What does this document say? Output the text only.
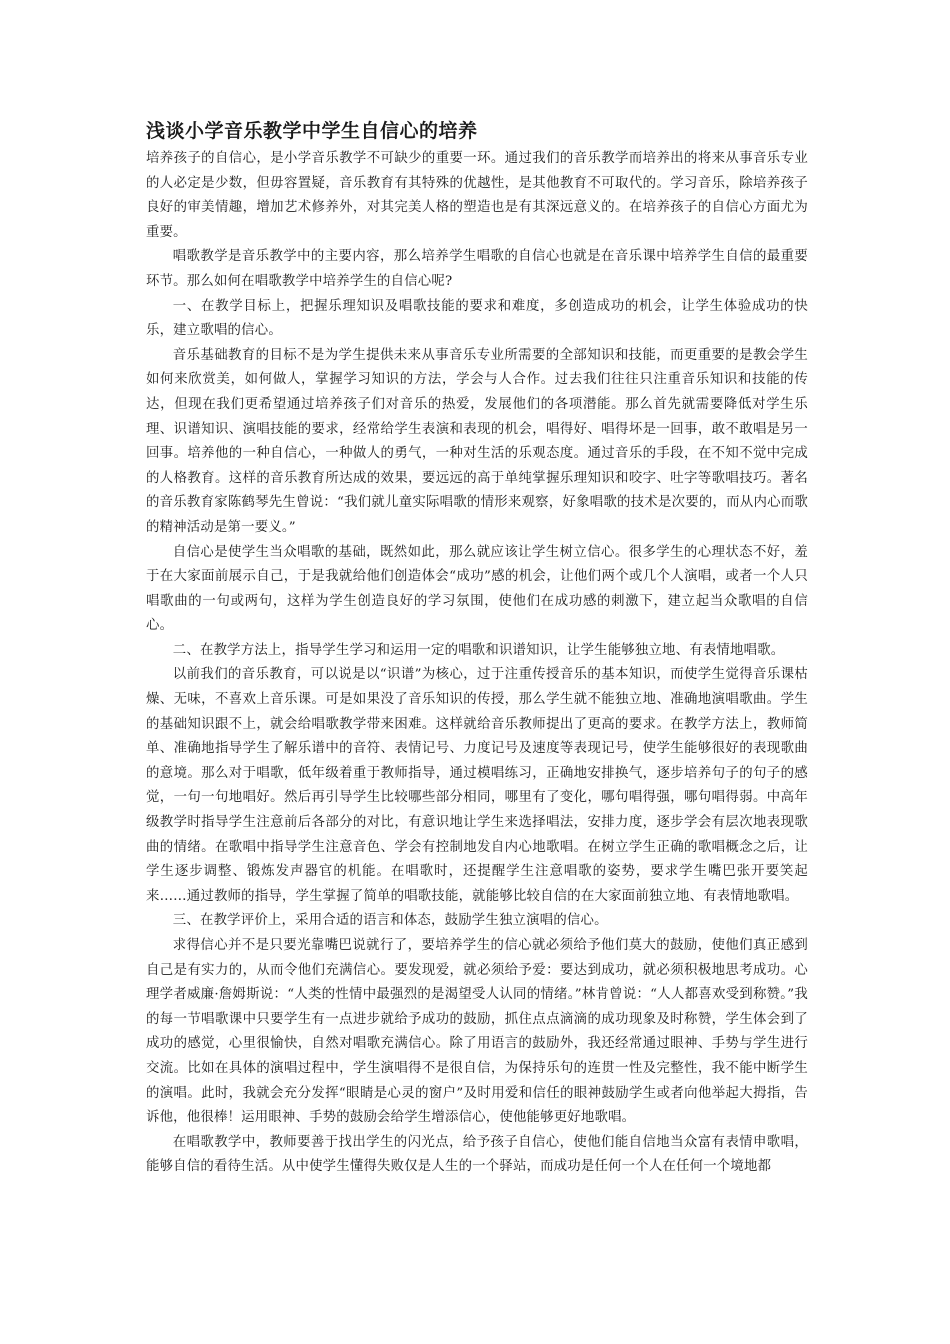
浅谈小学音乐教学中学生自信心的培养

培养孩子的自信心，是小学音乐教学不可缺少的重要一环。通过我们的音乐教学而培养出的将来从事音乐专业的人必定是少数，但毋容置疑，音乐教育有其特殊的优越性，是其他教育不可取代的。学习音乐，除培养孩子良好的审美情趣，增加艺术修养外，对其完美人格的塑造也是有其深远意义的。在培养孩子的自信心方面尤为重要。

唱歌教学是音乐教学中的主要内容，那么培养学生唱歌的自信心也就是在音乐课中培养学生自信的最重要环节。那么如何在唱歌教学中培养学生的自信心呢?

一、在教学目标上，把握乐理知识及唱歌技能的要求和难度，多创造成功的机会，让学生体验成功的快乐，建立歌唱的信心。

音乐基础教育的目标不是为学生提供未来从事音乐专业所需要的全部知识和技能，而更重要的是教会学生如何来欣赏美，如何做人，掌握学习知识的方法，学会与人合作。过去我们往往只注重音乐知识和技能的传达，但现在我们更希望通过培养孩子们对音乐的热爱，发展他们的各项潜能。那么首先就需要降低对学生乐理、识谱知识、演唱技能的要求，经常给学生表演和表现的机会，唱得好、唱得坏是一回事，敢不敢唱是另一回事。培养他的一种自信心，一种做人的勇气，一种对生活的乐观态度。通过音乐的手段，在不知不觉中完成的人格教育。这样的音乐教育所达成的效果，要远远的高于单纯掌握乐理知识和咬字、吐字等歌唱技巧。著名的音乐教育家陈鹤琴先生曾说：“我们就儿童实际唱歌的情形来观察，好象唱歌的技术是次要的，而从内心而歌的精神活动是第一要义。”

自信心是使学生当众唱歌的基础，既然如此，那么就应该让学生树立信心。很多学生的心理状态不好，羞于在大家面前展示自己，于是我就给他们创造体会“成功”感的机会，让他们两个或几个人演唱，或者一个人只唱歌曲的一句或两句，这样为学生创造良好的学习氛围，使他们在成功感的刺激下，建立起当众歌唱的自信心。

二、在教学方法上，指导学生学习和运用一定的唱歌和识谱知识，让学生能够独立地、有表情地唱歌。

以前我们的音乐教育，可以说是以“识谱”为核心，过于注重传授音乐的基本知识，而使学生觉得音乐课枯燥、无味，不喜欢上音乐课。可是如果没了音乐知识的传授，那么学生就不能独立地、准确地演唱歌曲。学生的基础知识跟不上，就会给唱歌教学带来困难。这样就给音乐教师提出了更高的要求。在教学方法上，教师简单、准确地指导学生了解乐谱中的音符、表情记号、力度记号及速度等表现记号，使学生能够很好的表现歌曲的意境。那么对于唱歌，低年级着重于教师指导，通过模唱练习，正确地安排换气，逐步培养句子的句子的感觉，一句一句地唱好。然后再引导学生比较哪些部分相同，哪里有了变化，哪句唱得强，哪句唱得弱。中高年级教学时指导学生注意前后各部分的对比，有意识地让学生来选择唱法，安排力度，逐步学会有层次地表现歌曲的情绪。在歌唱中指导学生注意音色、学会有控制地发自内心地歌唱。在树立学生正确的歌唱概念之后，让学生逐步调整、锻炼发声器官的机能。在唱歌时，还提醒学生注意唱歌的姿势，要求学生嘴巴张开要笑起来……通过教师的指导，学生掌握了简单的唱歌技能，就能够比较自信的在大家面前独立地、有表情地歌唱。

三、在教学评价上，采用合适的语言和体态，鼓励学生独立演唱的信心。

求得信心并不是只要光靠嘴巴说就行了，要培养学生的信心就必须给予他们莫大的鼓励，使他们真正感到自己是有实力的，从而令他们充满信心。要发现爱，就必须给予爱：要达到成功，就必须积极地思考成功。心理学者威廉·詹姆斯说：“人类的性情中最强烈的是渴望受人认同的情绪。”林肯曾说：“人人都喜欢受到称赞。”我的每一节唱歌课中只要学生有一点进步就给予成功的鼓励，抓住点点滴滴的成功现象及时称赞，学生体会到了成功的感觉，心里很愉快，自然对唱歌充满信心。除了用语言的鼓励外，我还经常通过眼神、手势与学生进行交流。比如在具体的演唱过程中，学生演唱得不是很自信，为保持乐句的连贯一性及完整性，我不能中断学生的演唱。此时，我就会充分发挥“眼睛是心灵的窗户”及时用爱和信任的眼神鼓励学生或者向他举起大拇指，告诉他，他很棒！运用眼神、手势的鼓励会给学生增添信心，使他能够更好地歌唱。

在唱歌教学中，教师要善于找出学生的闪光点，给予孩子自信心，使他们能自信地当众富有表情申歌唱，能够自信的看待生活。从中使学生懂得失败仅是人生的一个驿站，而成功是任何一个人在任何一个境地都
